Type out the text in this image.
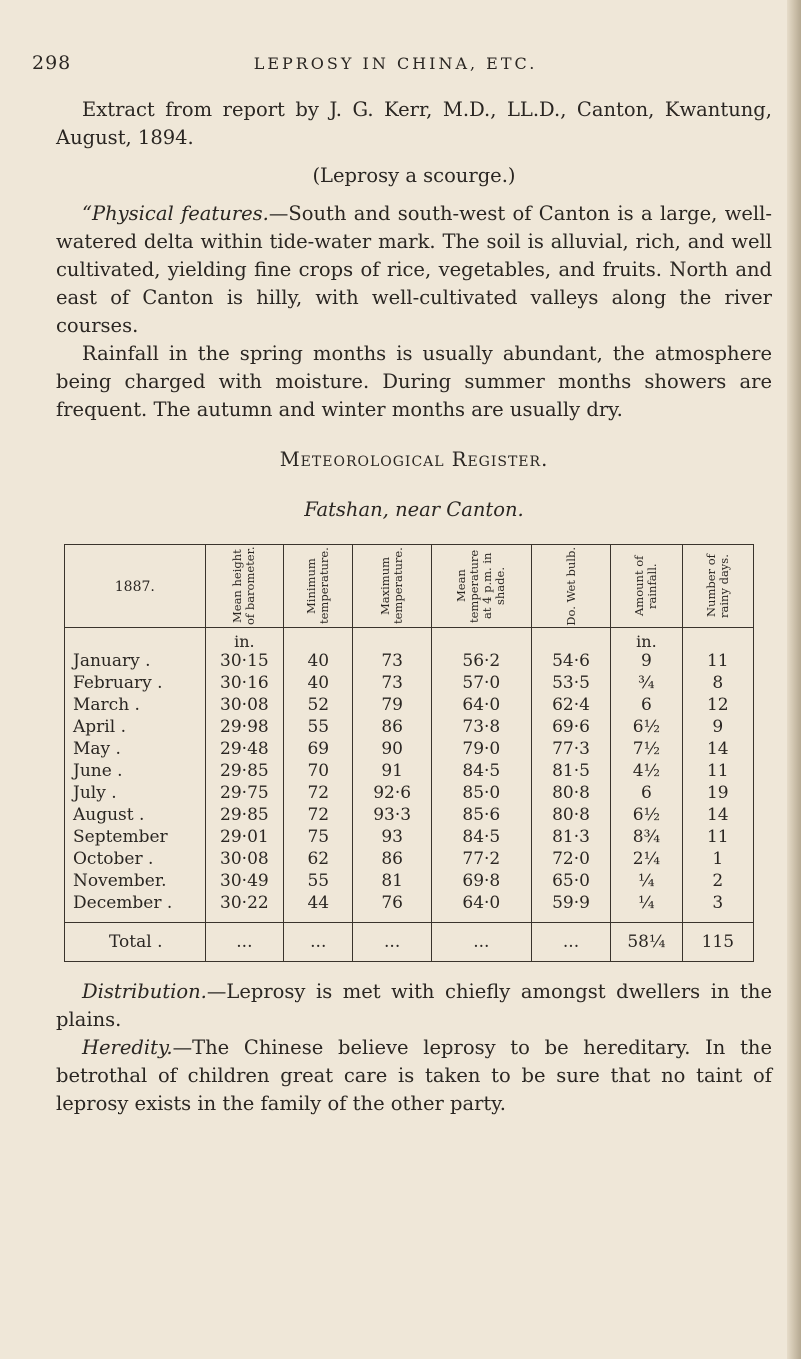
298	LEPROSY IN CHINA, ETC.

Extract from report by J. G. Kerr, M.D., LL.D., Canton, Kwantung, August, 1894.

(Leprosy a scourge.)

“Physical features.—South and south-west of Canton is a large, well-watered delta within tide-water mark. The soil is alluvial, rich, and well cultivated, yielding fine crops of rice, vegetables, and fruits. North and east of Canton is hilly, with well-cultivated valleys along the river courses.

Rainfall in the spring months is usually abundant, the atmosphere being charged with moisture. During summer months showers are frequent. The autumn and winter months are usually dry.

Meteorological Register.

Fatshan, near Canton.

1887.	Mean height of barometer.	Minimum temperature.	Maximum temperature.	Mean temperature at 4 p.m. in shade.	Do. Wet bulb.	Amount of rainfall.	Number of rainy days.

	in.					in.	
January .	30·15	40	73	56·2	54·6	9	11
February .	30·16	40	73	57·0	53·5	¾	8
March .	30·08	52	79	64·0	62·4	6	12
April .	29·98	55	86	73·8	69·6	6½	9
May .	29·48	69	90	79·0	77·3	7½	14
June .	29·85	70	91	84·5	81·5	4½	11
July .	29·75	72	92·6	85·0	80·8	6	19
August .	29·85	72	93·3	85·6	80·8	6½	14
September	29·01	75	93	84·5	81·3	8¾	11
October .	30·08	62	86	77·2	72·0	2¼	1
November.	30·49	55	81	69·8	65·0	¼	2
December .	30·22	44	76	64·0	59·9	¼	3
Total .	...	...	...	...	...	58¼	115

Distribution.—Leprosy is met with chiefly amongst dwellers in the plains.

Heredity.—The Chinese believe leprosy to be hereditary. In the betrothal of children great care is taken to be sure that no taint of leprosy exists in the family of the other party.
